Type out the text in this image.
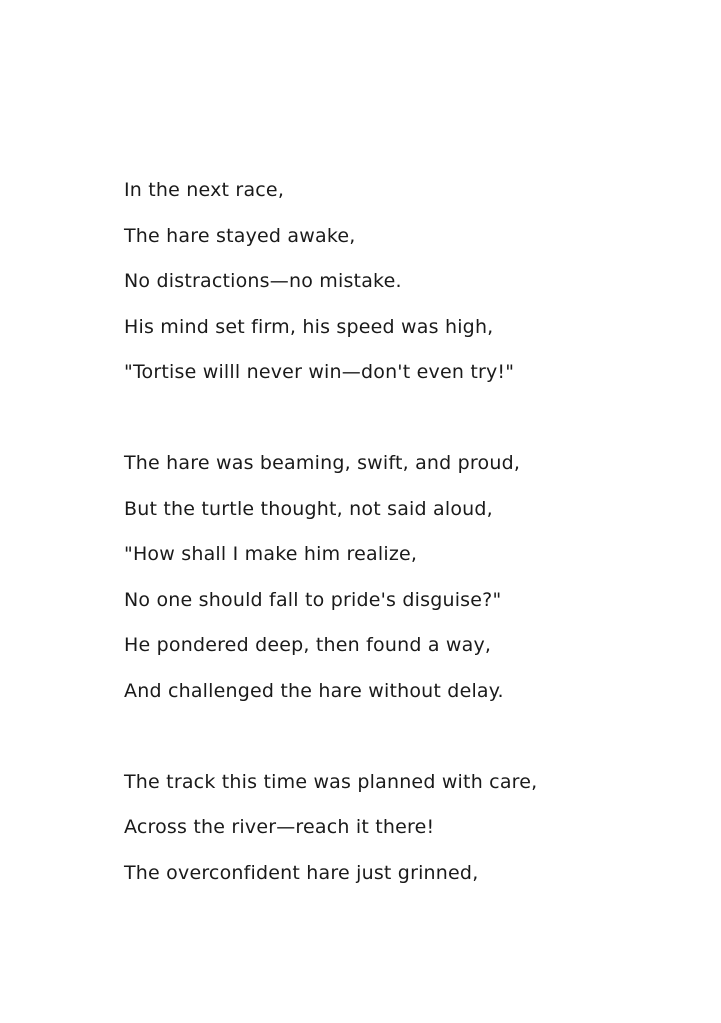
In the next race,
The hare stayed awake,
No distractions—no mistake.
His mind set firm, his speed was high,
"Tortise willl never win—don't even try!"
The hare was beaming, swift, and proud,
But the turtle thought, not said aloud,
"How shall I make him realize,
No one should fall to pride's disguise?"
He pondered deep, then found a way,
And challenged the hare without delay.
The track this time was planned with care,
Across the river—reach it there!
The overconfident hare just grinned,
